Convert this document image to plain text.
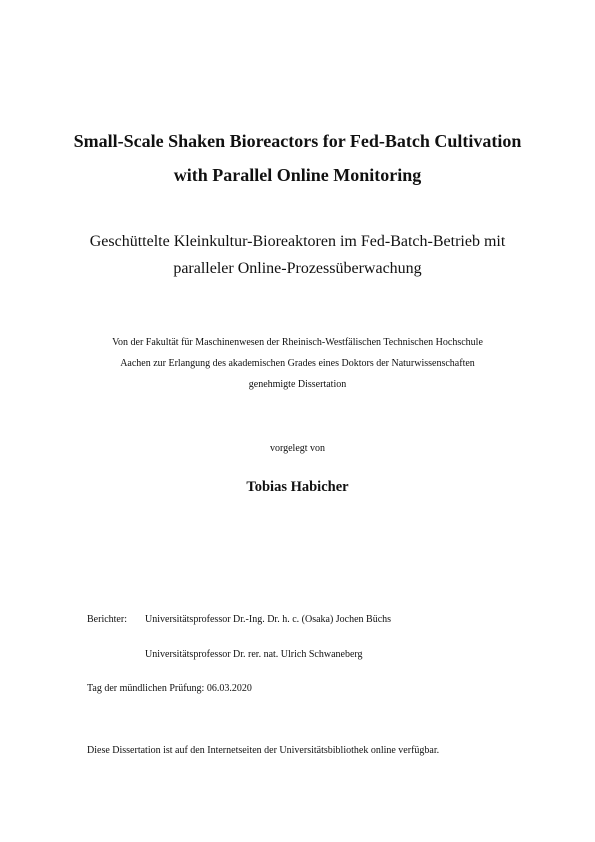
Small-Scale Shaken Bioreactors for Fed-Batch Cultivation
with Parallel Online Monitoring
Geschüttelte Kleinkultur-Bioreaktoren im Fed-Batch-Betrieb mit
paralleler Online-Prozessüberwachung
Von der Fakultät für Maschinenwesen der Rheinisch-Westfälischen Technischen Hochschule
Aachen zur Erlangung des akademischen Grades eines Doktors der Naturwissenschaften
genehmigte Dissertation
vorgelegt von
Tobias Habicher
Berichter: Universitätsprofessor Dr.-Ing. Dr. h. c. (Osaka) Jochen Büchs
Universitätsprofessor Dr. rer. nat. Ulrich Schwaneberg
Tag der mündlichen Prüfung: 06.03.2020
Diese Dissertation ist auf den Internetseiten der Universitätsbibliothek online verfügbar.
